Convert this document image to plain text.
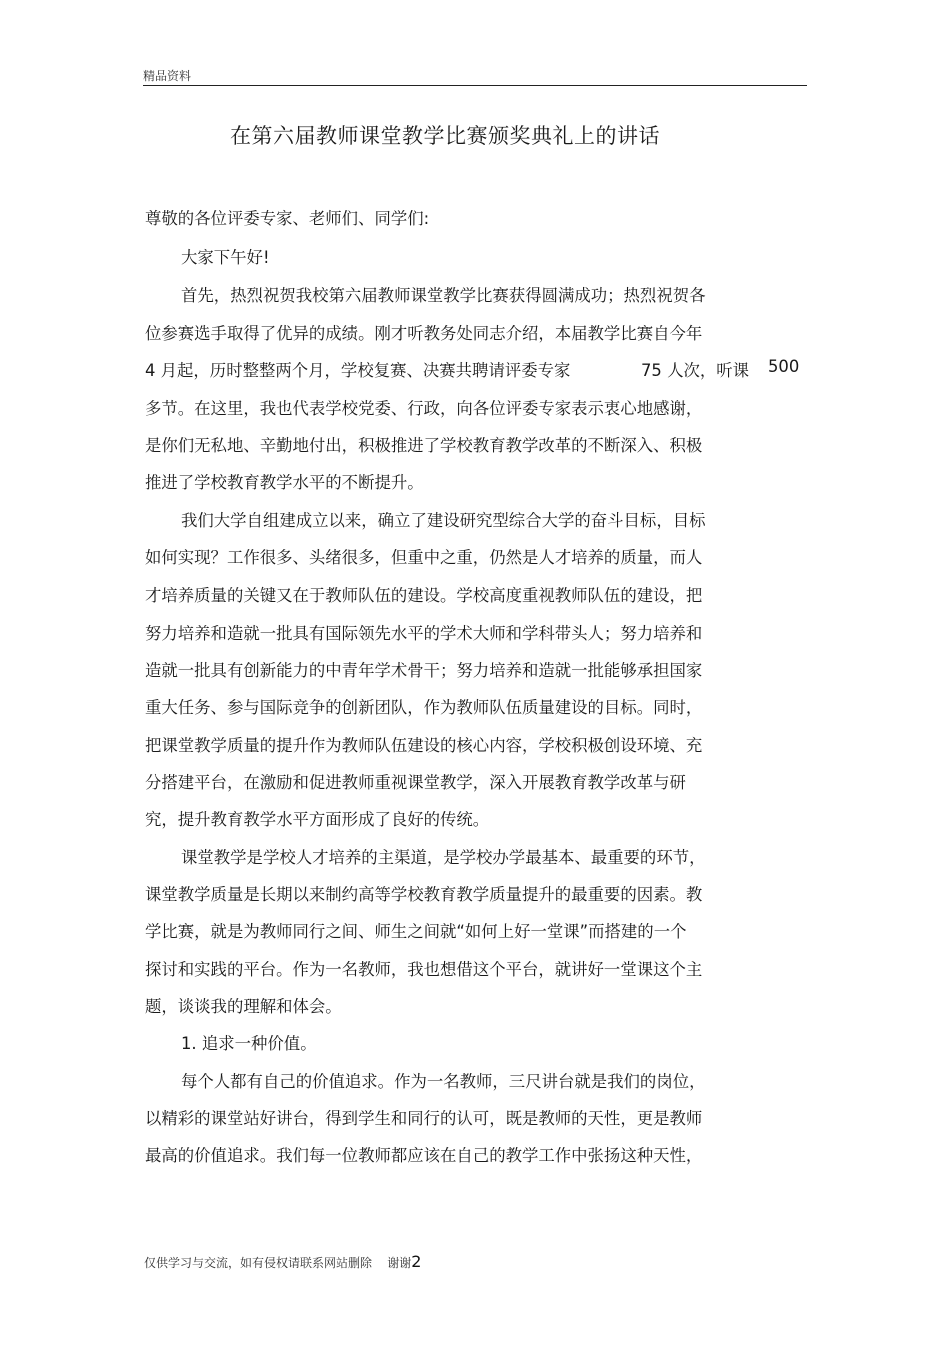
精品资料
在第六届教师课堂教学比赛颁奖典礼上的讲话
尊敬的各位评委专家、老师们、同学们:
大家下午好!
首先，热烈祝贺我校第六届教师课堂教学比赛获得圆满成功；热烈祝贺各
位参赛选手取得了优异的成绩。刚才听教务处同志介绍，本届教学比赛自今年
4 月起，历时整整两个月，学校复赛、决赛共聘请评委专家	75 人次，听课 500
多节。在这里，我也代表学校党委、行政，向各位评委专家表示衷心地感谢，
是你们无私地、辛勤地付出，积极推进了学校教育教学改革的不断深入、积极
推进了学校教育教学水平的不断提升。
我们大学自组建成立以来，确立了建设研究型综合大学的奋斗目标，目标
如何实现？工作很多、头绪很多，但重中之重，仍然是人才培养的质量，而人
才培养质量的关键又在于教师队伍的建设。学校高度重视教师队伍的建设，把
努力培养和造就一批具有国际领先水平的学术大师和学科带头人；努力培养和
造就一批具有创新能力的中青年学术骨干；努力培养和造就一批能够承担国家
重大任务、参与国际竞争的创新团队，作为教师队伍质量建设的目标。同时，
把课堂教学质量的提升作为教师队伍建设的核心内容，学校积极创设环境、充
分搭建平台，在激励和促进教师重视课堂教学，深入开展教育教学改革与研
究，提升教育教学水平方面形成了良好的传统。
课堂教学是学校人才培养的主渠道，是学校办学最基本、最重要的环节，
课堂教学质量是长期以来制约高等学校教育教学质量提升的最重要的因素。教
学比赛，就是为教师同行之间、师生之间就“如何上好一堂课”而搭建的一个
探讨和实践的平台。作为一名教师，我也想借这个平台，就讲好一堂课这个主
题，谈谈我的理解和体会。
1. 追求一种价值。
每个人都有自己的价值追求。作为一名教师，三尺讲台就是我们的岗位，
以精彩的课堂站好讲台，得到学生和同行的认可，既是教师的天性，更是教师
最高的价值追求。我们每一位教师都应该在自己的教学工作中张扬这种天性，
仅供学习与交流，如有侵权请联系网站删除 谢谢2
